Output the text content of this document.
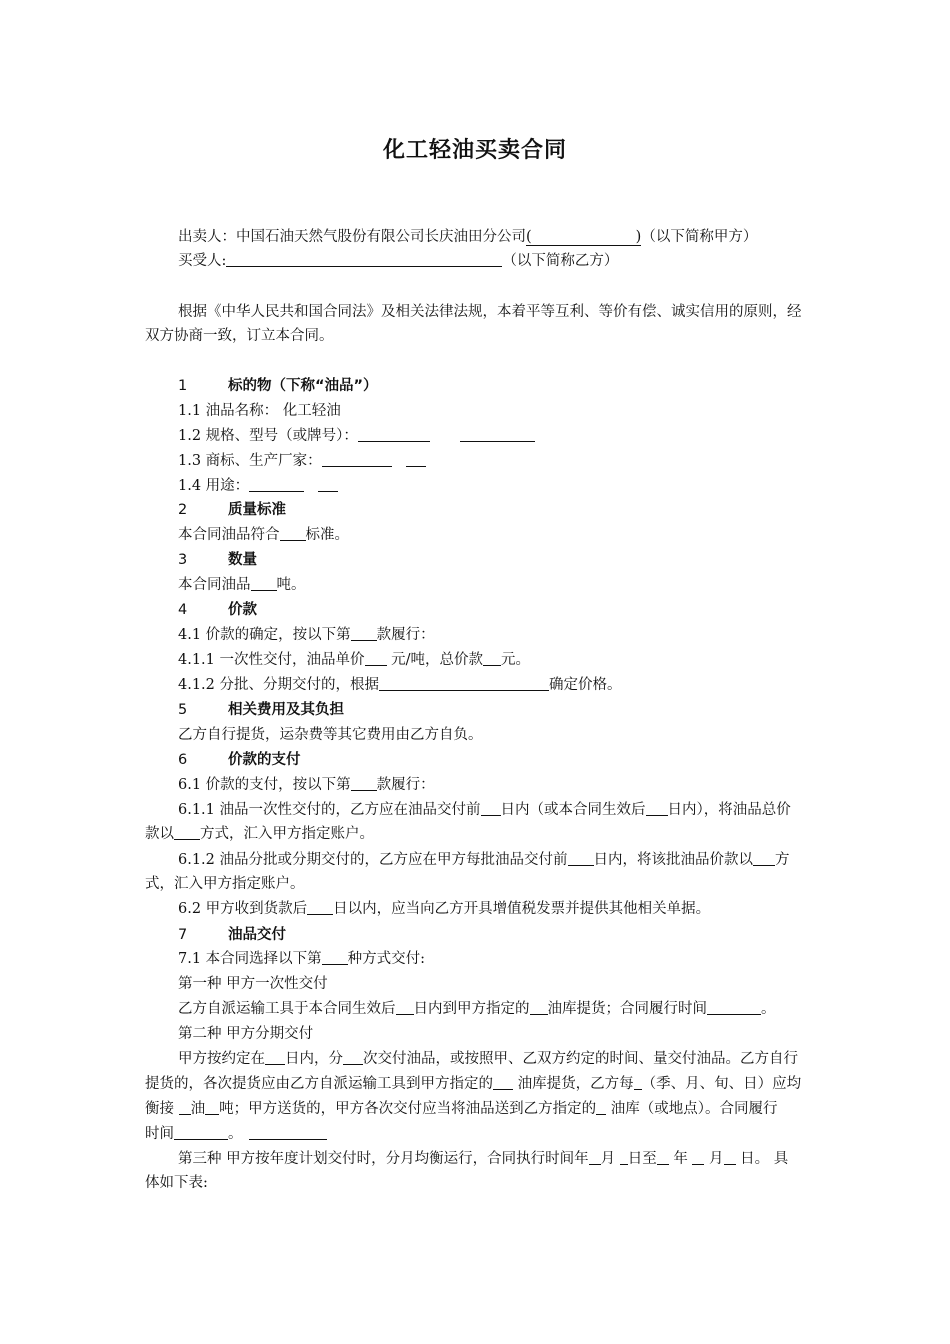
化工轻油买卖合同
出卖人：中国石油天然气股份有限公司长庆油田分公司(	)（以下简称甲方）
买受人:	（以下简称乙方）
根据《中华人民共和国合同法》及相关法律法规，本着平等互利、等价有偿、诚实信用的原则，经
双方协商一致，订立本合同。
1	标的物（下称“油品”）
1.1 油品名称： 化工轻油
1.2 规格、型号（或牌号）：
1.3 商标、生产厂家：
1.4 用途：
2	质量标准
本合同油品符合 标准。
3	数量
本合同油品 吨。
4	价款
4.1 价款的确定，按以下第 款履行：
4.1.1 一次性交付，油品单价 元/吨，总价款 元。
4.1.2 分批、分期交付的，根据	确定价格。
5	相关费用及其负担
乙方自行提货，运杂费等其它费用由乙方自负。
6	价款的支付
6.1 价款的支付，按以下第 款履行：
6.1.1 油品一次性交付的，乙方应在油品交付前 日内（或本合同生效后 日内），将油品总价
款以 方式，汇入甲方指定账户。
6.1.2 油品分批或分期交付的，乙方应在甲方每批油品交付前 日内，将该批油品价款以 方
式，汇入甲方指定账户。
6.2 甲方收到货款后 日以内，应当向乙方开具增值税发票并提供其他相关单据。
7	油品交付
7.1 本合同选择以下第 种方式交付:
第一种 甲方一次性交付
乙方自派运输工具于本合同生效后 日内到甲方指定的 油库提货；合同履行时间	。
第二种 甲方分期交付
甲方按约定在 日内，分 次交付油品，或按照甲、乙双方约定的时间、量交付油品。乙方自行
提货的，各次提货应由乙方自派运输工具到甲方指定的 油库提货，乙方每 （季、月、旬、日）应均
衡接 油 吨；甲方送货的，甲方各次交付应当将油品送到乙方指定的 油库（或地点）。合同履行
时间	。
第三种 甲方按年度计划交付时，分月均衡运行，合同执行时间年 月 日至 年  月 日。 具
体如下表:
